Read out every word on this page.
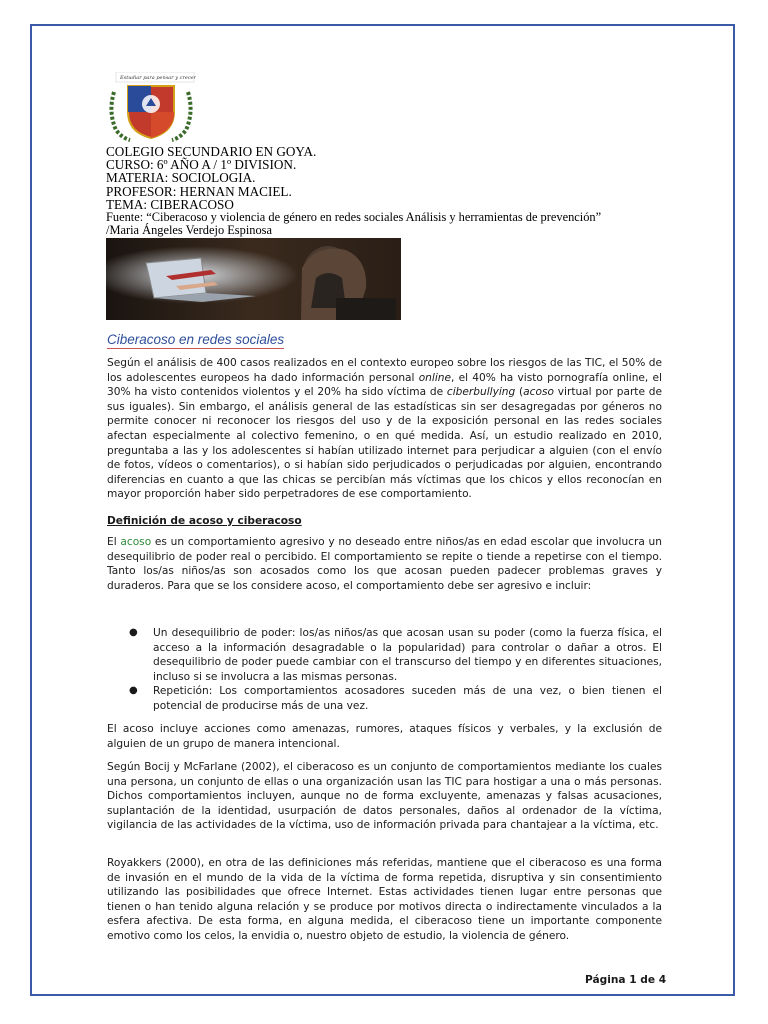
Estudiar para pensar y crecer
COLEGIO SECUNDARIO EN GOYA.
CURSO: 6º AÑO A / 1º DIVISION.
MATERIA: SOCIOLOGIA.
PROFESOR: HERNAN MACIEL.
TEMA: CIBERACOSO
Fuente: “Ciberacoso y violencia de género en redes sociales Análisis y herramientas de prevención”
/Maria Ángeles Verdejo Espinosa
Ciberacoso en redes sociales

Según el análisis de 400 casos realizados en el contexto europeo sobre los riesgos de las TIC, el 50% de los adolescentes europeos ha dado información personal online, el 40% ha visto pornografía online, el 30% ha visto contenidos violentos y el 20% ha sido víctima de ciberbullying (acoso virtual por parte de sus iguales). Sin embargo, el análisis general de las estadísticas sin ser desagregadas por géneros no permite conocer ni reconocer los riesgos del uso y de la exposición personal en las redes sociales afectan especialmente al colectivo femenino, o en qué medida. Así, un estudio realizado en 2010, preguntaba a las y los adolescentes si habían utilizado internet para perjudicar a alguien (con el envío de fotos, vídeos o comentarios), o si habían sido perjudicados o perjudicadas por alguien, encontrando diferencias en cuanto a que las chicas se percibían más víctimas que los chicos y ellos reconocían en mayor proporción haber sido perpetradores de ese comportamiento.

Definición de acoso y ciberacoso

El acoso es un comportamiento agresivo y no deseado entre niños/as en edad escolar que involucra un desequilibrio de poder real o percibido. El comportamiento se repite o tiende a repetirse con el tiempo. Tanto los/as niños/as son acosados como los que acosan pueden padecer problemas graves y duraderos. Para que se los considere acoso, el comportamiento debe ser agresivo e incluir:

● Un desequilibrio de poder: los/as niños/as que acosan usan su poder (como la fuerza física, el acceso a la información desagradable o la popularidad) para controlar o dañar a otros. El desequilibrio de poder puede cambiar con el transcurso del tiempo y en diferentes situaciones, incluso si se involucra a las mismas personas.
● Repetición: Los comportamientos acosadores suceden más de una vez, o bien tienen el potencial de producirse más de una vez.

El acoso incluye acciones como amenazas, rumores, ataques físicos y verbales, y la exclusión de alguien de un grupo de manera intencional.

Según Bocij y McFarlane (2002), el ciberacoso es un conjunto de comportamientos mediante los cuales una persona, un conjunto de ellas o una organización usan las TIC para hostigar a una o más personas. Dichos comportamientos incluyen, aunque no de forma excluyente, amenazas y falsas acusaciones, suplantación de la identidad, usurpación de datos personales, daños al ordenador de la víctima, vigilancia de las actividades de la víctima, uso de información privada para chantajear a la víctima, etc.

Royakkers (2000), en otra de las definiciones más referidas, mantiene que el ciberacoso es una forma de invasión en el mundo de la vida de la víctima de forma repetida, disruptiva y sin consentimiento utilizando las posibilidades que ofrece Internet. Estas actividades tienen lugar entre personas que tienen o han tenido alguna relación y se produce por motivos directa o indirectamente vinculados a la esfera afectiva. De esta forma, en alguna medida, el ciberacoso tiene un importante componente emotivo como los celos, la envidia o, nuestro objeto de estudio, la violencia de género.

Página 1 de 4
